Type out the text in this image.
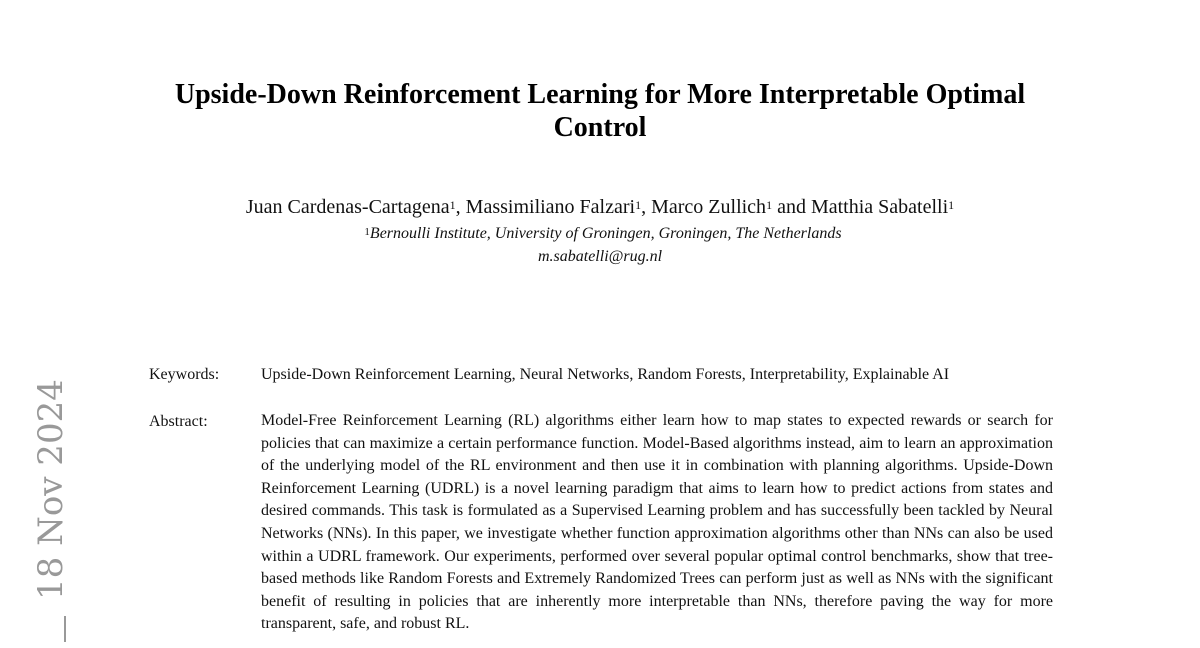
Upside-Down Reinforcement Learning for More Interpretable Optimal Control
Juan Cardenas-Cartagena$^1$, Massimiliano Falzari$^1$, Marco Zullich$^1$ and Matthia Sabatelli$^1$
$^1$Bernoulli Institute, University of Groningen, Groningen, The Netherlands
m.sabatelli@rug.nl
Keywords:	Upside-Down Reinforcement Learning, Neural Networks, Random Forests, Interpretability, Explainable AI
Abstract:	Model-Free Reinforcement Learning (RL) algorithms either learn how to map states to expected rewards or search for policies that can maximize a certain performance function. Model-Based algorithms instead, aim to learn an approximation of the underlying model of the RL environment and then use it in combination with planning algorithms. Upside-Down Reinforcement Learning (UDRL) is a novel learning paradigm that aims to learn how to predict actions from states and desired commands. This task is formulated as a Supervised Learning problem and has successfully been tackled by Neural Networks (NNs). In this paper, we investigate whether function approximation algorithms other than NNs can also be used within a UDRL framework. Our experiments, performed over several popular optimal control benchmarks, show that tree-based methods like Random Forests and Extremely Randomized Trees can perform just as well as NNs with the significant benefit of resulting in policies that are inherently more interpretable than NNs, therefore paving the way for more transparent, safe, and robust RL.
18 Nov 2024
